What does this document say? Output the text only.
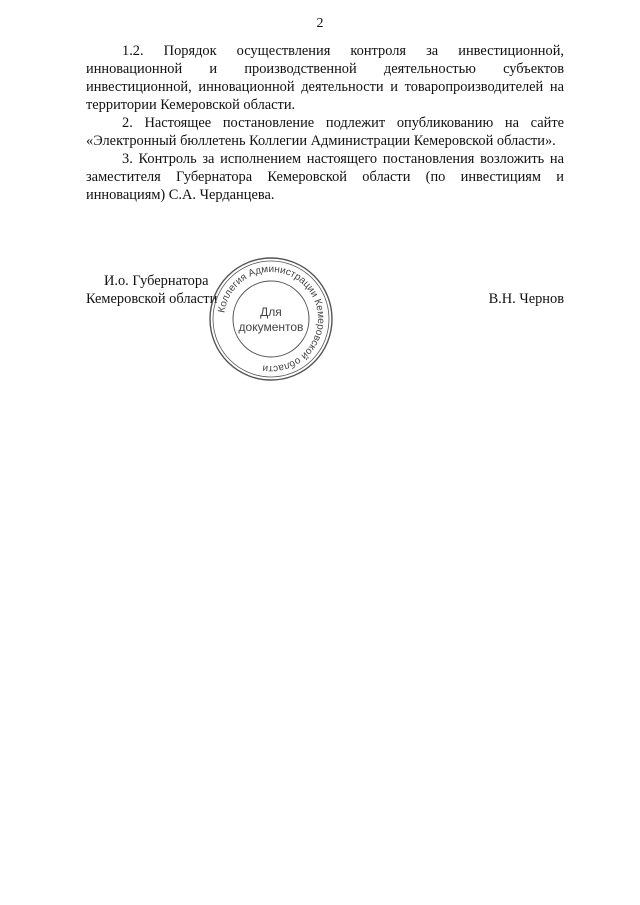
2

1.2. Порядок осуществления контроля за инвестиционной, инновационной и производственной деятельностью субъектов инвестиционной, инновационной деятельности и товаропроизводителей на территории Кемеровской области.

2. Настоящее постановление подлежит опубликованию на сайте «Электронный бюллетень Коллегии Администрации Кемеровской области».

3. Контроль за исполнением настоящего постановления возложить на заместителя Губернатора Кемеровской области (по инвестициям и инновациям) С.А. Черданцева.

И.о. Губернатора
Кемеровской области	В.Н. Чернов
Коллегия Администрации Кемеровской области
Для
документов
